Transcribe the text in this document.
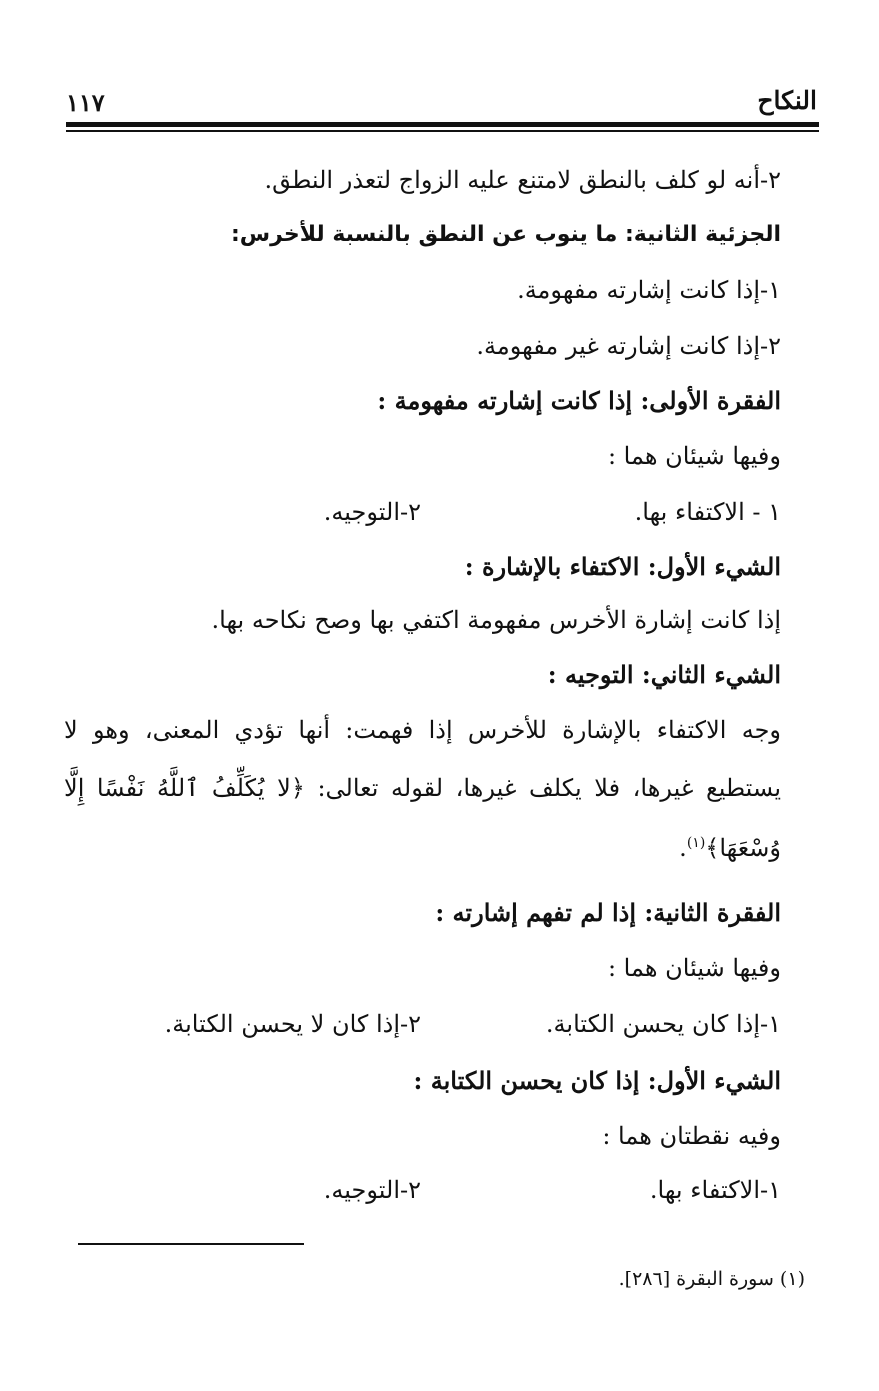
النكاح
١١٧
٢-أنه لو كلف بالنطق لامتنع عليه الزواج لتعذر النطق.
الجزئية الثانية: ما ينوب عن النطق بالنسبة للأخرس:
١-إذا كانت إشارته مفهومة.
٢-إذا كانت إشارته غير مفهومة.
الفقرة الأولى: إذا كانت إشارته مفهومة :
وفيها شيئان هما :
١ - الاكتفاء بها.
٢-التوجيه.
الشيء الأول: الاكتفاء بالإشارة :
إذا كانت إشارة الأخرس مفهومة اكتفي بها وصح نكاحه بها.
الشيء الثاني: التوجيه :
وجه الاكتفاء بالإشارة للأخرس إذا فهمت: أنها تؤدي المعنى، وهو لا
يستطيع غيرها، فلا يكلف غيرها، لقوله تعالى: ﴿لا يُكَلِّفُ ٱللَّهُ نَفْسًا إِلَّا
وُسْعَهَا﴾$^{(١)}$.
الفقرة الثانية: إذا لم تفهم إشارته :
وفيها شيئان هما :
١-إذا كان يحسن الكتابة.
٢-إذا كان لا يحسن الكتابة.
الشيء الأول: إذا كان يحسن الكتابة :
وفيه نقطتان هما :
١-الاكتفاء بها.
٢-التوجيه.
(١) سورة البقرة [٢٨٦].
